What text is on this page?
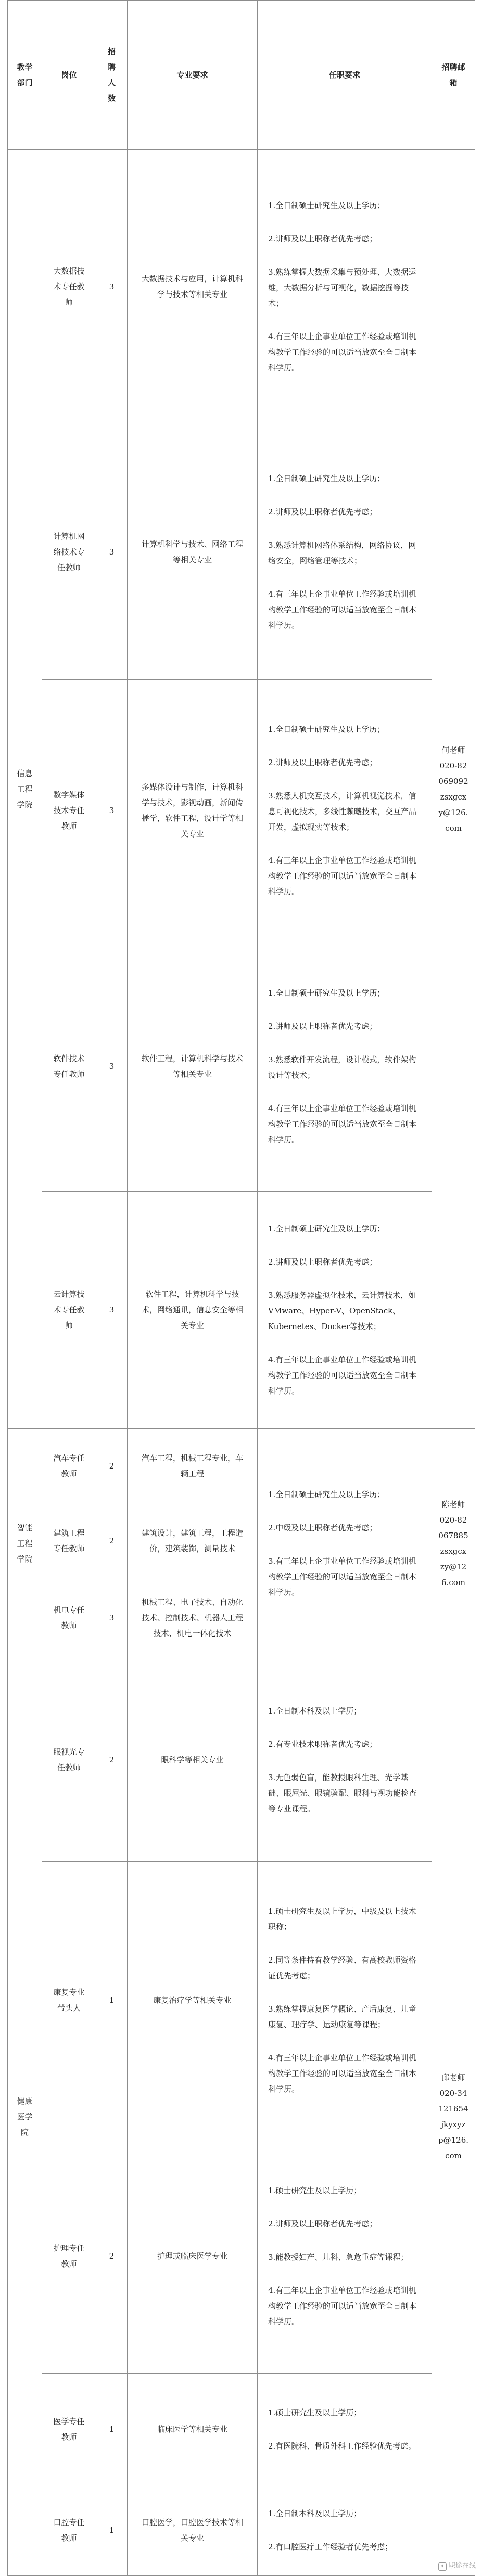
教学部门	岗位	招聘人数	专业要求	任职要求	招聘邮箱
信息工程学院	大数据技术专任教师	3	大数据技术与应用，计算机科学与技术等相关专业	1.全日制硕士研究生及以上学历；

2.讲师及以上职称者优先考虑；

3.熟练掌握大数据采集与预处理、大数据运维，大数据分析与可视化，数据挖掘等技术；

4.有三年以上企事业单位工作经验或培训机构教学工作经验的可以适当放宽至全日制本科学历。	何老师 020-82 069092 zsxgcx y@126. com
	计算机网络技术专任教师	3	计算机科学与技术、网络工程等相关专业	1.全日制硕士研究生及以上学历；

2.讲师及以上职称者优先考虑；

3.熟悉计算机网络体系结构，网络协议，网络安全，网络管理等技术；

4.有三年以上企事业单位工作经验或培训机构教学工作经验的可以适当放宽至全日制本科学历。	

	数字媒体技术专任教师	3	多媒体设计与制作，计算机科学与技术，影视动画，新闻传播学，软件工程，设计学等相关专业	1.全日制硕士研究生及以上学历；

2.讲师及以上职称者优先考虑；

3.熟悉人机交互技术，计算机视觉技术，信息可视化技术，多线性赖曦技术，交互产品开发，虚拟现实等技术；

4.有三年以上企事业单位工作经验或培训机构教学工作经验的可以适当放宽至全日制本科学历。	

	软件技术专任教师	3	软件工程，计算机科学与技术等相关专业	1.全日制硕士研究生及以上学历；

2.讲师及以上职称者优先考虑；

3.熟悉软件开发流程，设计模式，软件架构设计等技术；

4.有三年以上企事业单位工作经验或培训机构教学工作经验的可以适当放宽至全日制本科学历。	

	云计算技术专任教师	3	软件工程，计算机科学与技术，网络通讯，信息安全等相关专业	1.全日制硕士研究生及以上学历；

2.讲师及以上职称者优先考虑；

3.熟悉服务器虚拟化技术，云计算技术，如VMware、Hyper-V、OpenStack、Kubernetes、Docker等技术；

4.有三年以上企事业单位工作经验或培训机构教学工作经验的可以适当放宽至全日制本科学历。	

智能工程学院	汽车专任教师	2	汽车工程，机械工程专业，车辆工程	1.全日制硕士研究生及以上学历；

2.中级及以上职称者优先考虑；

3.有三年以上企事业单位工作经验或培训机构教学工作经验的可以适当放宽至全日制本科学历。	陈老师 020-82 067885 zsxgcx zy@12 6.com
	建筑工程专任教师	2	建筑设计，建筑工程，工程造价，建筑装饰，测量技术		
	机电专任教师	3	机械工程、电子技术、自动化技术、控制技术、机器人工程技术、机电一体化技术		
健康医学院	眼视光专任教师	2	眼科学等相关专业	1.全日制本科及以上学历；

2.有专业技术职称者优先考虑；

3.无色弱色盲，能教授眼科生理、光学基础、眼屈光、眼镜验配、眼科与视功能检查等专业课程。	邱老师 020-34 121654 jkyxyz p@126. com
	康复专业带头人	1	康复治疗学等相关专业	1.硕士研究生及以上学历，中级及以上技术职称；

2.同等条件持有教学经验、有高校教师资格证优先考虑；

3.熟练掌握康复医学概论、产后康复、儿童康复、理疗学、运动康复等课程；

4.有三年以上企事业单位工作经验或培训机构教学工作经验的可以适当放宽至全日制本科学历。	

	护理专任教师	2	护理或临床医学专业	1.硕士研究生及以上学历；

2.讲师及以上职称者优先考虑；

3.能教授妇产、儿科、急危重症等课程；

4.有三年以上企事业单位工作经验或培训机构教学工作经验的可以适当放宽至全日制本科学历。	

	医学专任教师	1	临床医学等相关专业	1.硕士研究生及以上学历；

2.有医院科、骨质外科工作经验优先考虑。	

	口腔专任教师	1	口腔医学，口腔医学技术等相关专业	1.全日制本科及以上学历；

2.有口腔医疗工作经验者优先考虑；	

✦ 职途在线
